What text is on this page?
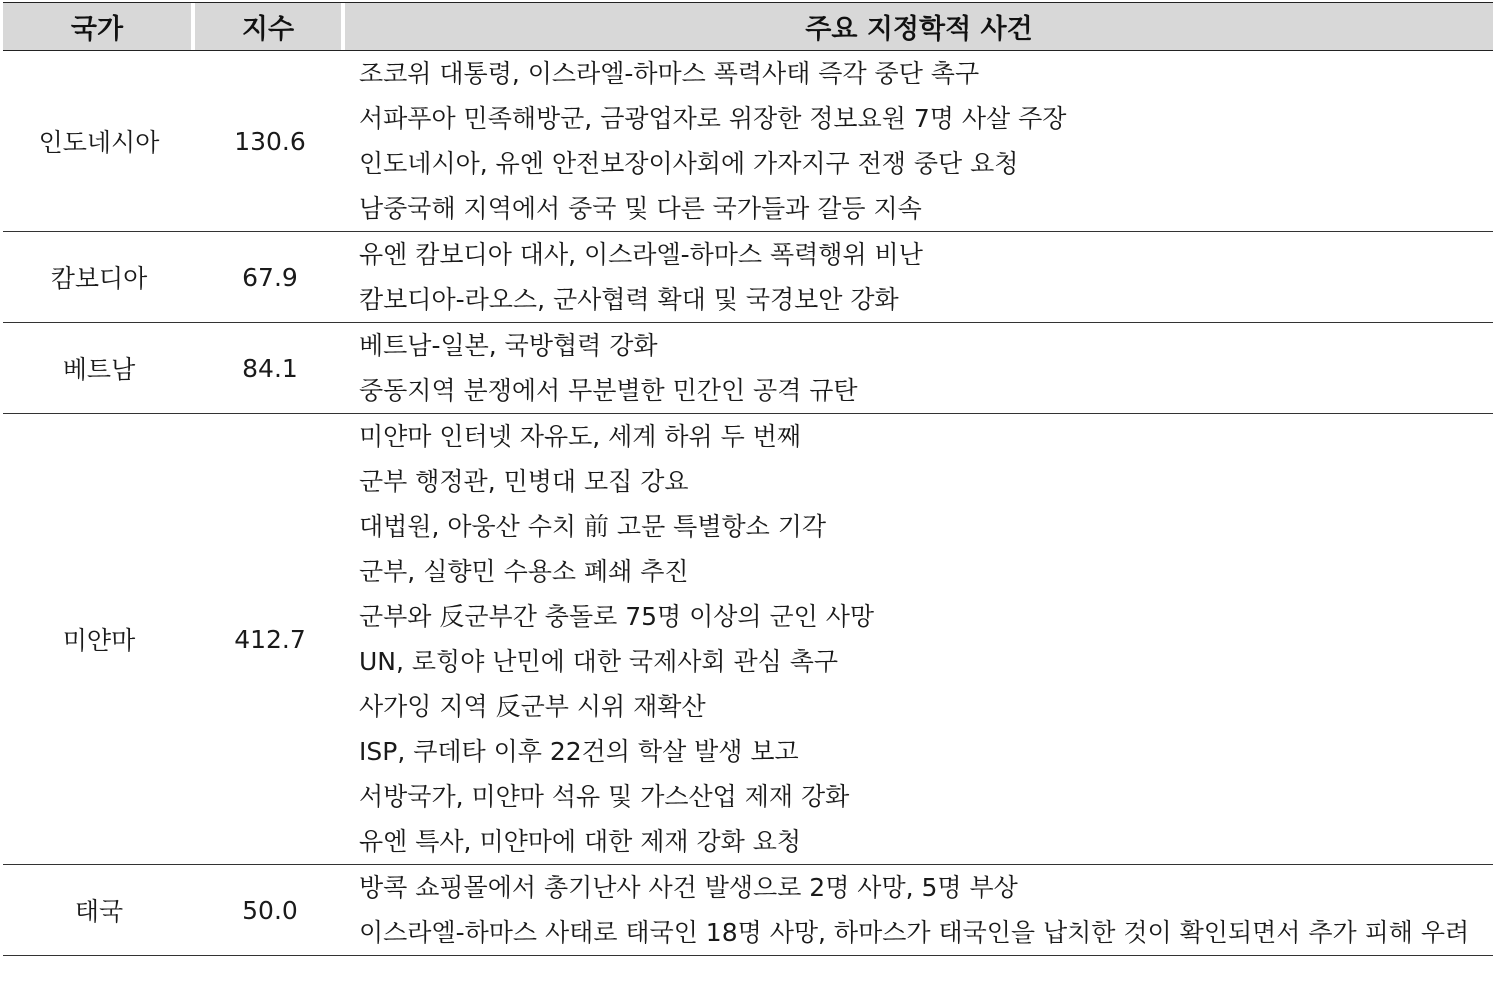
국가	지수	주요 지정학적 사건
인도네시아	130.6
조코위 대통령, 이스라엘-하마스 폭력사태 즉각 중단 촉구
서파푸아 민족해방군, 금광업자로 위장한 정보요원 7명 사살 주장
인도네시아, 유엔 안전보장이사회에 가자지구 전쟁 중단 요청
남중국해 지역에서 중국 및 다른 국가들과 갈등 지속
캄보디아	67.9
유엔 캄보디아 대사, 이스라엘-하마스 폭력행위 비난
캄보디아-라오스, 군사협력 확대 및 국경보안 강화
베트남	84.1
베트남-일본, 국방협력 강화
중동지역 분쟁에서 무분별한 민간인 공격 규탄
미얀마	412.7
미얀마 인터넷 자유도, 세계 하위 두 번째
군부 행정관, 민병대 모집 강요
대법원, 아웅산 수치 前 고문 특별항소 기각
군부, 실향민 수용소 폐쇄 추진
군부와 反군부간 충돌로 75명 이상의 군인 사망
UN, 로힝야 난민에 대한 국제사회 관심 촉구
사가잉 지역 反군부 시위 재확산
ISP, 쿠데타 이후 22건의 학살 발생 보고
서방국가, 미얀마 석유 및 가스산업 제재 강화
유엔 특사, 미얀마에 대한 제재 강화 요청
태국	50.0
방콕 쇼핑몰에서 총기난사 사건 발생으로 2명 사망, 5명 부상
이스라엘-하마스 사태로 태국인 18명 사망, 하마스가 태국인을 납치한 것이 확인되면서 추가 피해 우려
